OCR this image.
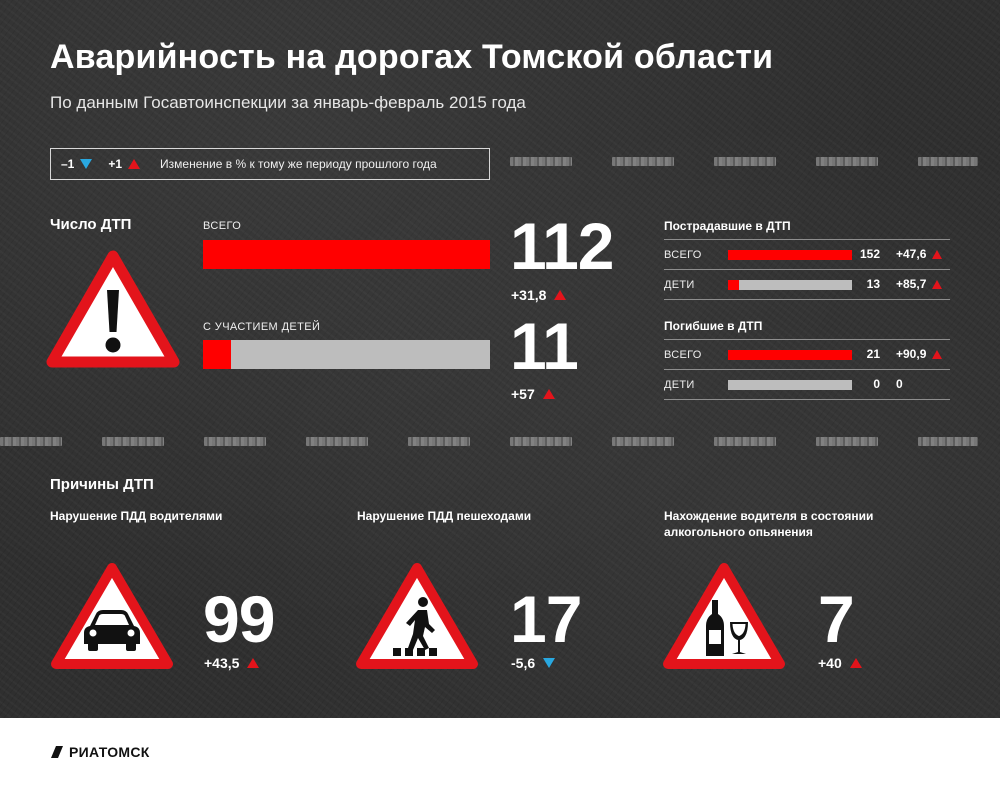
Аварийность на дорогах Томской области
По данным Госавтоинспекции за январь-февраль 2015 года
–1	+1	Изменение в % к тому же периоду прошлого года
Число ДТП	ВСЕГО	112
+31,8
С УЧАСТИЕМ ДЕТЕЙ	11
+57
Пострадавшие в ДТП
ВСЕГО	152 +47,6
ДЕТИ	13 +85,7
Погибшие в ДТП
ВСЕГО	21 +90,9
ДЕТИ	0 0
Причины ДТП
Нарушение ПДД водителями
99
+43,5
Нарушение ПДД пешеходами
17
-5,6
Нахождение водителя в состоянии алкогольного опьянения
7
+40
РИАТОМСК
